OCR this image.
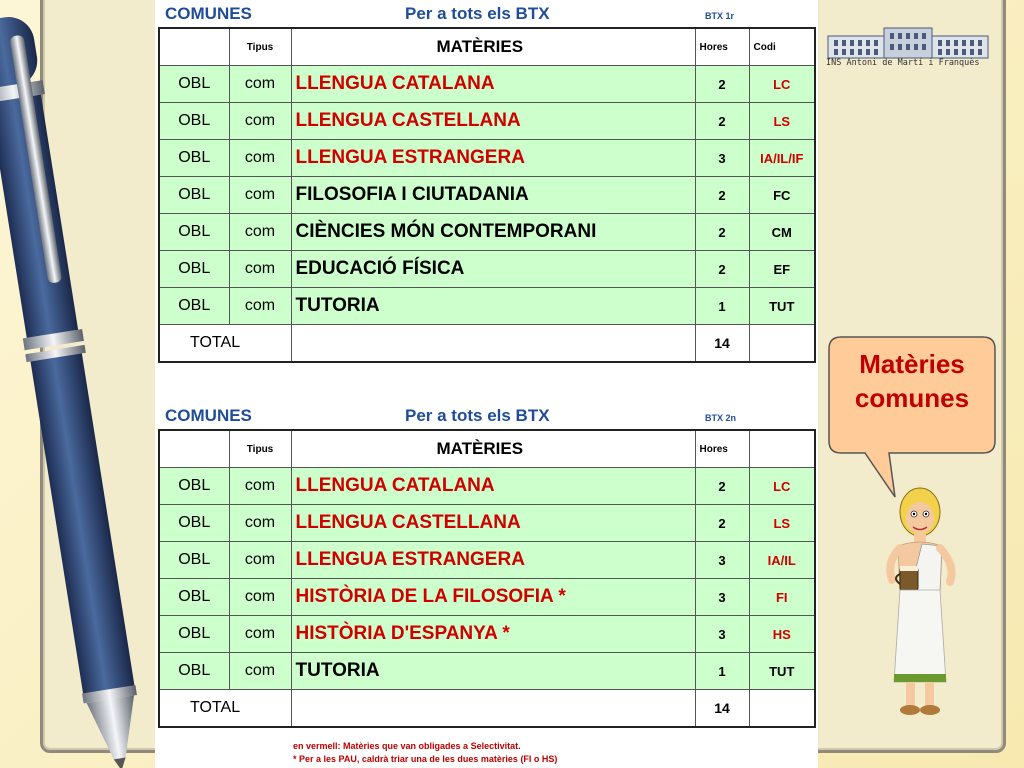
COMUNES	Per a tots els BTX	BTX 1r
	Tipus	MATÈRIES	Hores	Codi
OBL	com	LLENGUA CATALANA	2	LC
OBL	com	LLENGUA CASTELLANA	2	LS
OBL	com	LLENGUA ESTRANGERA	3	IA/IL/IF
OBL	com	FILOSOFIA I CIUTADANIA	2	FC
OBL	com	CIÈNCIES MÓN CONTEMPORANI	2	CM
OBL	com	EDUCACIÓ FÍSICA	2	EF
OBL	com	TUTORIA	1	TUT
TOTAL			14	
COMUNES	Per a tots els BTX	BTX 2n
	Tipus	MATÈRIES	Hores	
OBL	com	LLENGUA CATALANA	2	LC
OBL	com	LLENGUA CASTELLANA	2	LS
OBL	com	LLENGUA ESTRANGERA	3	IA/IL
OBL	com	HISTÒRIA DE LA FILOSOFIA *	3	FI
OBL	com	HISTÒRIA D'ESPANYA *	3	HS
OBL	com	TUTORIA	1	TUT
TOTAL			14	
en vermell: Matèries que van obligades a Selectivitat.
* Per a les PAU, caldrà triar una de les dues matèries (FI o HS)
INS Antoni de Martí i Franquès
Matèries
comunes
